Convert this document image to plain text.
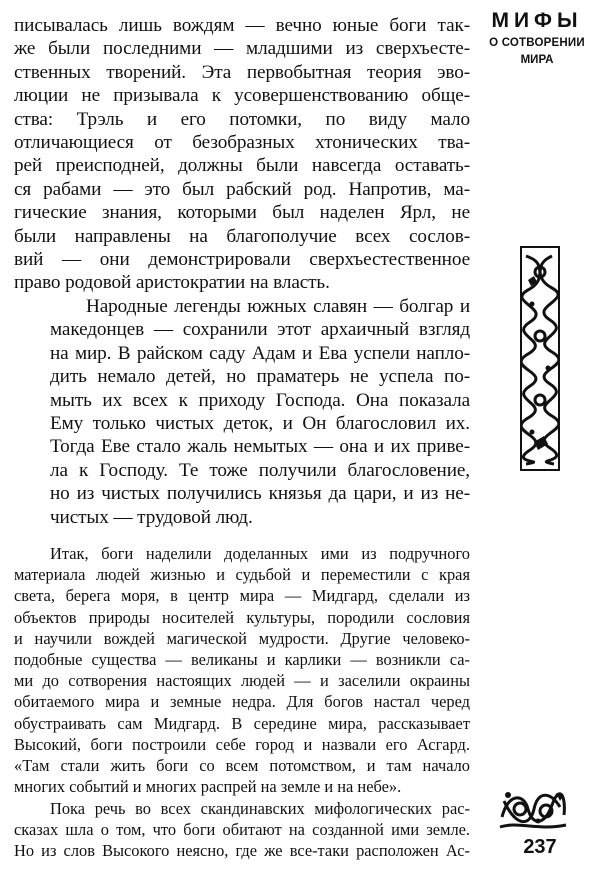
МИФЫ
О СОТВОРЕНИИ
МИРА

писывалась лишь вождям — вечно юные боги так-
же были последними — младшими из сверхъесте-
ственных творений. Эта первобытная теория эво-
люции не призывала к усовершенствованию обще-
ства: Трэль и его потомки, по виду мало
отличающиеся от безобразных хтонических тва-
рей преисподней, должны были навсегда оставать-
ся рабами — это был рабский род. Напротив, ма-
гические знания, которыми был наделен Ярл, не
были направлены на благополучие всех сослов-
вий — они демонстрировали сверхъестественное
право родовой аристократии на власть.

Народные легенды южных славян — болгар и
македонцев — сохранили этот архаичный взгляд
на мир. В райском саду Адам и Ева успели напло-
дить немало детей, но праматерь не успела по-
мыть их всех к приходу Господа. Она показала
Ему только чистых деток, и Он благословил их.
Тогда Еве стало жаль немытых — она и их приве-
ла к Господу. Те тоже получили благословение,
но из чистых получились князья да цари, и из не-
чистых — трудовой люд.

Итак, боги наделили доделанных ими из подручного
материала людей жизнью и судьбой и переместили с края
света, берега моря, в центр мира — Мидгард, сделали из
объектов природы носителей культуры, породили сословия
и научили вождей магической мудрости. Другие человеко-
подобные существа — великаны и карлики — возникли са-
ми до сотворения настоящих людей — и заселили окраины
обитаемого мира и земные недра. Для богов настал черед
обустраивать сам Мидгард. В середине мира, рассказывает
Высокий, боги построили себе город и назвали его Асгард.
«Там стали жить боги со всем потомством, и там начало
многих событий и многих распрей на земле и на небе».

Пока речь во всех скандинавских мифологических рас-
сказах шла о том, что боги обитают на созданной ими земле.
Но из слов Высокого неясно, где же все-таки расположен Ас-	237
